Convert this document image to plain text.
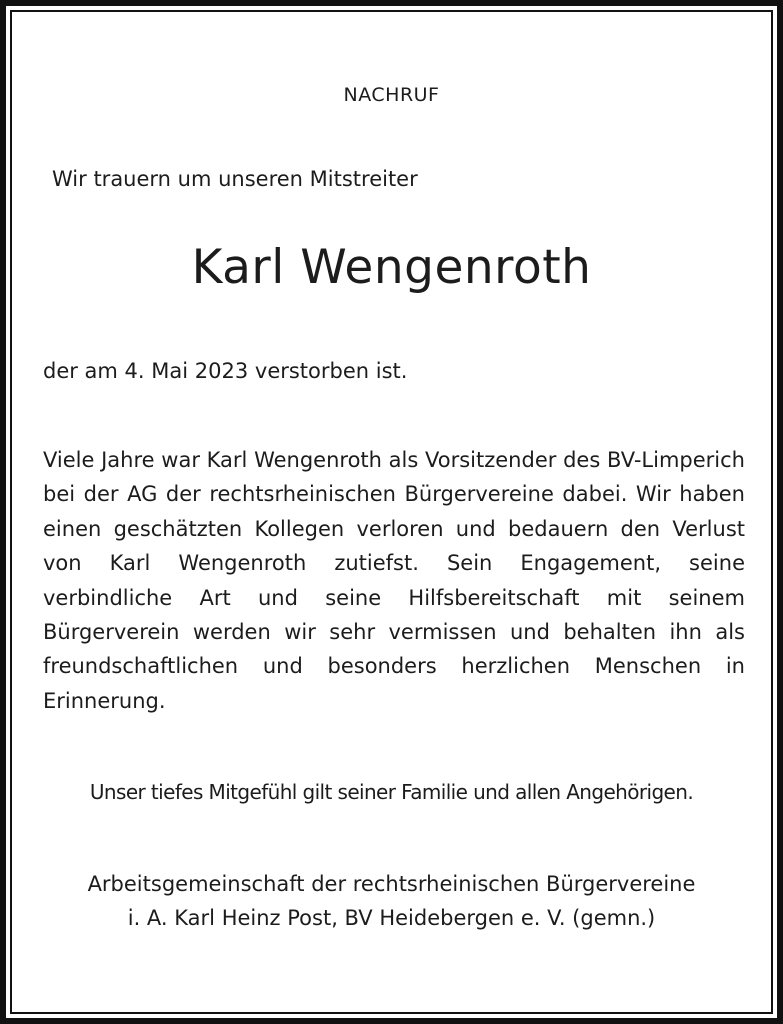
NACHRUF
Wir trauern um unseren Mitstreiter
Karl Wengenroth
der am 4. Mai 2023 verstorben ist.
Viele Jahre war Karl Wengenroth als Vorsitzender des BV-Limperich bei der AG der rechtsrheinischen Bürgervereine dabei. Wir haben einen geschätzten Kollegen verloren und bedauern den Verlust von Karl Wengenroth zutiefst. Sein Engagement, seine verbindliche Art und seine Hilfsbereitschaft mit seinem Bürgerverein werden wir sehr vermissen und behalten ihn als freundschaftlichen und besonders herzlichen Menschen in Erinnerung.
Unser tiefes Mitgefühl gilt seiner Familie und allen Angehörigen.
Arbeitsgemeinschaft der rechtsrheinischen Bürgervereine
i. A. Karl Heinz Post, BV Heidebergen e. V. (gemn.)
